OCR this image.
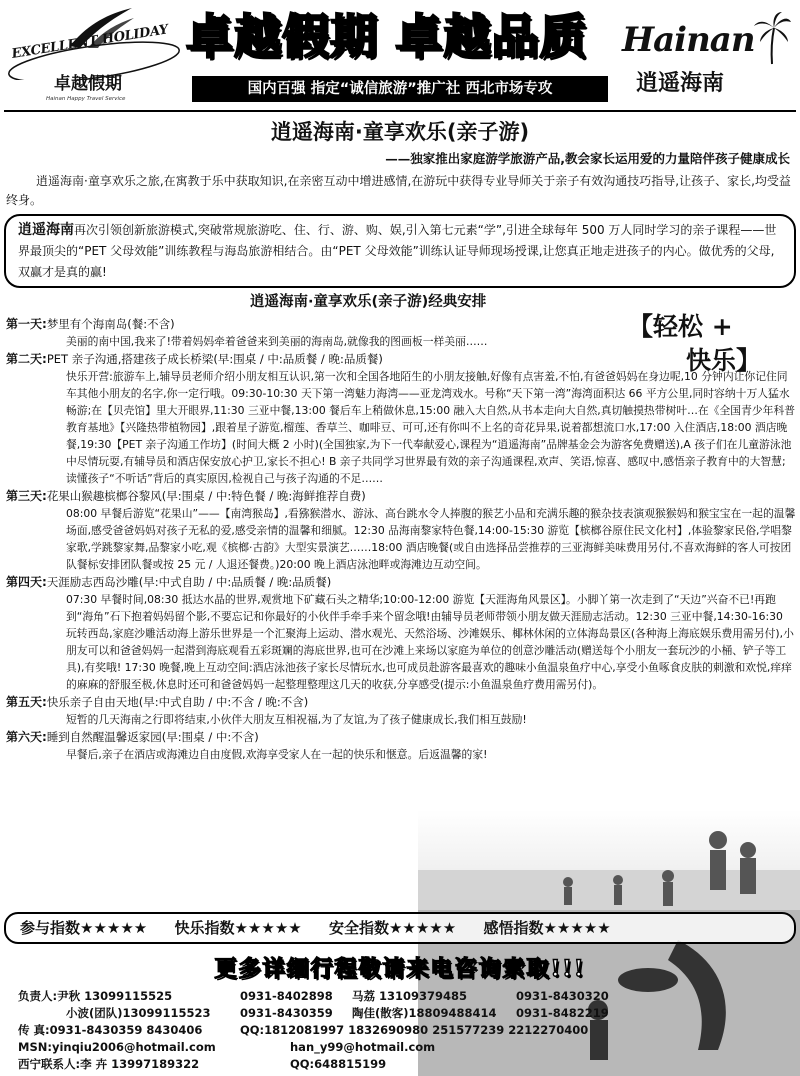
EXCELLENT HOLIDAY
卓越假期
Hainan Happy Travel Service
卓越假期 卓越品质
国内百强 指定“诚信旅游”推广社 西北市场专攻
Hainan
逍遥海南
逍遥海南·童享欢乐(亲子游)
——独家推出家庭游学旅游产品,教会家长运用爱的力量陪伴孩子健康成长
逍遥海南·童享欢乐之旅,在寓教于乐中获取知识,在亲密互动中增进感情,在游玩中获得专业导师关于亲子有效沟通技巧指导,让孩子、家长,均受益终身。
逍遥海南再次引领创新旅游模式,突破常规旅游吃、住、行、游、购、娱,引入第七元素“学”,引进全球每年 500 万人同时学习的亲子课程——世界最顶尖的“PET 父母效能”训练教程与海岛旅游相结合。由“PET 父母效能”训练认证导师现场授课,让您真正地走进孩子的内心。做优秀的父母,双赢才是真的赢!
逍遥海南·童享欢乐(亲子游)经典安排
【轻松 +
快乐】
第一天:梦里有个海南岛(餐:不含)
美丽的南中国,我来了!带着妈妈牵着爸爸来到美丽的海南岛,就像我的图画板一样美丽……
第二天:PET 亲子沟通,搭建孩子成长桥梁(早:围桌 / 中:品质餐 / 晚:品质餐)
快乐开营:旅游车上,辅导员老师介绍小朋友相互认识,第一次和全国各地陌生的小朋友接触,好像有点害羞,不怕,有爸爸妈妈在身边呢,10 分钟内让你记住同车其他小朋友的名字,你一定行哦。09:30-10:30 天下第一湾魅力海湾——亚龙湾戏水。号称“天下第一湾”海湾面积达 66 平方公里,同时容纳十万人猛水畅游;在【贝壳馆】里大开眼界,11:30 三亚中餐,13:00 餐后车上稍做休息,15:00 融入大自然,从书本走向大自然,真切触摸热带树叶…在《全国青少年科普教育基地》【兴隆热带植物园】,跟着星子游览,榴莲、香草兰、咖啡豆、可可,还有你叫不上名的奇花异果,说着都想流口水,17:00 入住酒店,18:00 酒店晚餐,19:30【PET 亲子沟通工作坊】(时间大概 2 小时)(全国独家,为下一代奉献爱心,课程为“逍遥海南”品牌基金会为游客免费赠送),A 孩子们在儿童游泳池中尽情玩耍,有辅导员和酒店保安放心护卫,家长不担心! B 亲子共同学习世界最有效的亲子沟通课程,欢声、笑语,惊喜、感叹中,感悟亲子教育中的大智慧;读懂孩子“不听话”背后的真实原因,检视自己与孩子沟通的不足……
第三天:花果山猴趣槟榔谷黎风(早:围桌 / 中:特色餐 / 晚:海鲜推荐自费)
08:00 早餐后游览“花果山”——【南湾猴岛】,看猕猴潜水、游泳、高台跳水令人捧腹的猴艺小品和充满乐趣的猴杂技表演观猴猴妈和猴宝宝在一起的温馨场面,感受爸爸妈妈对孩子无私的爱,感受亲情的温馨和细腻。12:30 品海南黎家特色餐,14:00-15:30 游览【槟榔谷原住民文化村】,体验黎家民俗,学唱黎家歌,学跳黎家舞,品黎家小吃,观《槟榔·古韵》大型实景演艺……18:00 酒店晚餐(或自由选择品尝推荐的三亚海鲜美味费用另付,不喜欢海鲜的客人可按团队餐标安排团队餐或按 25 元 / 人退还餐费。)20:00 晚上酒店泳池畔或海滩边互动空间。
第四天:天涯励志西岛沙雕(早:中式自助 / 中:品质餐 / 晚:品质餐)
07:30 早餐时间,08:30 抵达水晶的世界,观赏地下矿藏石头之精华;10:00-12:00 游览【天涯海角风景区】。小脚丫第一次走到了“天边”兴奋不已!再跑到“海角”石下抱着妈妈留个影,不要忘记和你最好的小伙伴手牵手来个留念哦!由辅导员老师带领小朋友做天涯励志活动。12:30 三亚中餐,14:30-16:30 玩转西岛,家庭沙雕活动海上游乐世界是一个汇聚海上运动、潜水观光、天然浴场、沙滩娱乐、椰林休闲的立体海岛景区(各种海上海底娱乐费用需另付),小朋友可以和爸爸妈妈一起潜到海底观看五彩斑斓的海底世界,也可在沙滩上来场以家庭为单位的创意沙雕活动(赠送每个小朋友一套玩沙的小桶、铲子等工具),有奖哦! 17:30 晚餐,晚上互动空间:酒店泳池孩子家长尽情玩水,也可成员赴游客最喜欢的趣味小鱼温泉鱼疗中心,享受小鱼啄食皮肤的刺激和欢悦,痒痒的麻麻的舒服至极,休息时还可和爸爸妈妈一起整理整理这几天的收获,分享感受(提示:小鱼温泉鱼疗费用需另付)。
第五天:快乐亲子自由天地(早:中式自助 / 中:不含 / 晚:不含)
短暂的几天海南之行即将结束,小伙伴大朋友互相祝福,为了友谊,为了孩子健康成长,我们相互鼓励!
第六天:睡到自然醒温馨返家园(早:围桌 / 中:不含)
早餐后,亲子在酒店或海滩边自由度假,欢海享受家人在一起的快乐和惬意。后返温馨的家!
参与指数★★★★★ 快乐指数★★★★★ 安全指数★★★★★ 感悟指数★★★★★
更多详细行程敬请来电咨询索取!!!
负责人:尹秋 13099115525	0931-8402898 马荔 13109379485	0931-8430320
小波(团队)13099115523	0931-8430359 陶佳(散客)18809488414 0931-8482219
传 真:0931-8430359 8430406	QQ:1812081997 1832690980 251577239 2212270400
MSN:yinqiu2006@hotmail.com	han_y99@hotmail.com
西宁联系人:李 卉 13997189322	QQ:648815199
